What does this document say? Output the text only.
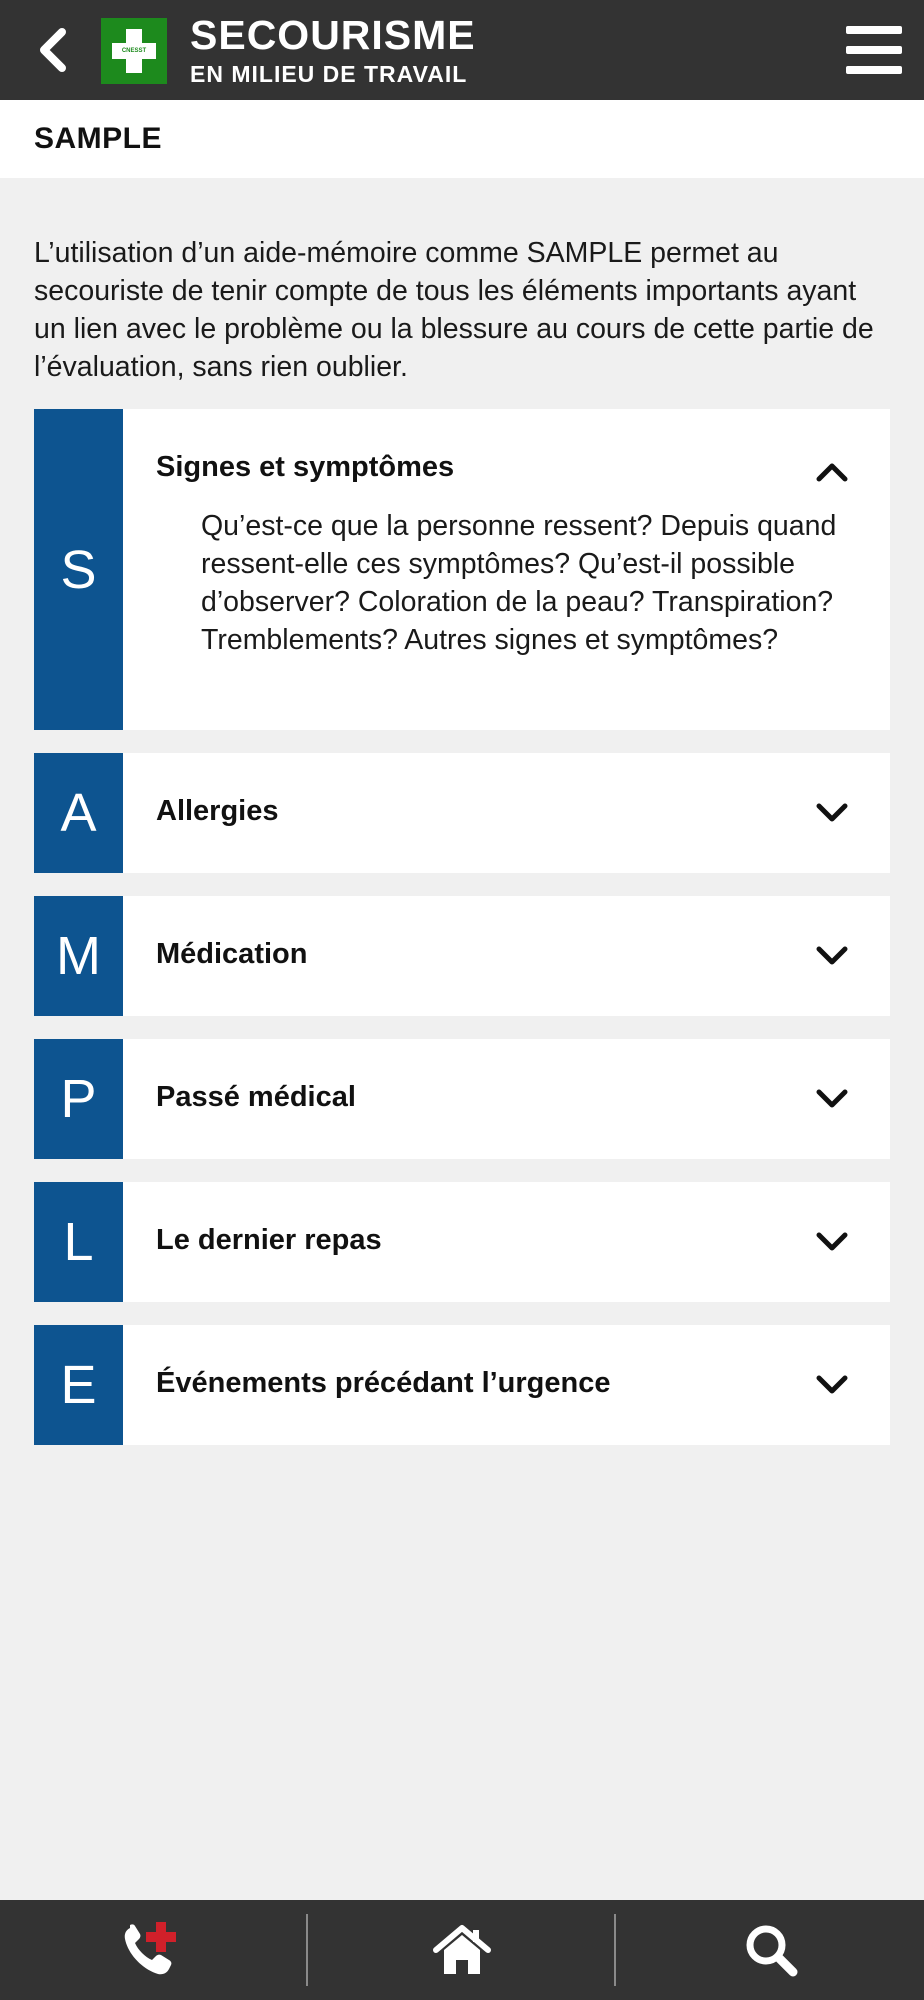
CNESST	SECOURISME
EN MILIEU DE TRAVAIL
SAMPLE
L’utilisation d’un aide-mémoire comme SAMPLE permet au secouriste de tenir compte de tous les éléments importants ayant un lien avec le problème ou la blessure au cours de cette partie de l’évaluation, sans rien oublier.
S
Signes et symptômes
Qu’est-ce que la personne ressent? Depuis quand ressent-elle ces symptômes? Qu’est-il possible d’observer? Coloration de la peau? Transpiration? Tremblements? Autres signes et symptômes?
A	Allergies
M	Médication
P	Passé médical
L	Le dernier repas
E	Événements précédant l’urgence
